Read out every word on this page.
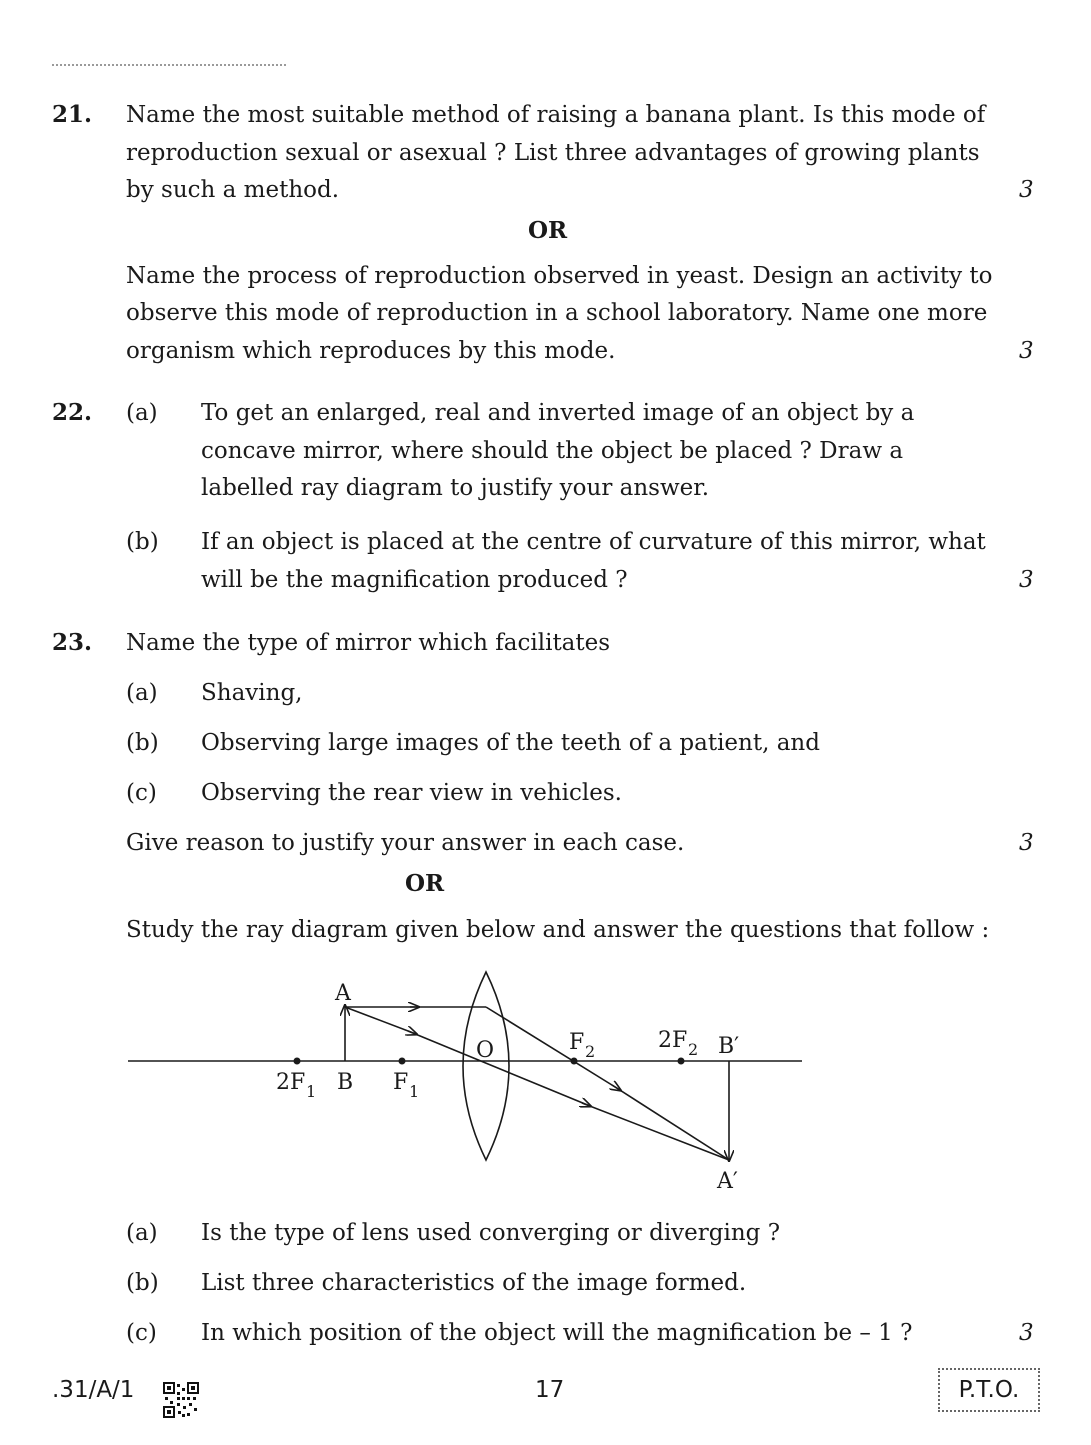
21. Name the most suitable method of raising a banana plant. Is this mode of
reproduction sexual or asexual ? List three advantages of growing plants
by such a method.	3
OR
Name the process of reproduction observed in yeast. Design an activity to
observe this mode of reproduction in a school laboratory. Name one more
organism which reproduces by this mode.	3
22. (a) To get an enlarged, real and inverted image of an object by a
concave mirror, where should the object be placed ? Draw a
labelled ray diagram to justify your answer.
(b) If an object is placed at the centre of curvature of this mirror, what
will be the magnification produced ?	3
23. Name the type of mirror which facilitates
(a) Shaving,
(b) Observing large images of the teeth of a patient, and
(c) Observing the rear view in vehicles.
Give reason to justify your answer in each case.	3
OR
Study the ray diagram given below and answer the questions that follow :
A
B
O	F 2	2F 2 B′
2F 1	F 1
A′
(a) Is the type of lens used converging or diverging ?
(b) List three characteristics of the image formed.
(c) In which position of the object will the magnification be – 1 ?	3
.31/A/1	17	P.T.O.
